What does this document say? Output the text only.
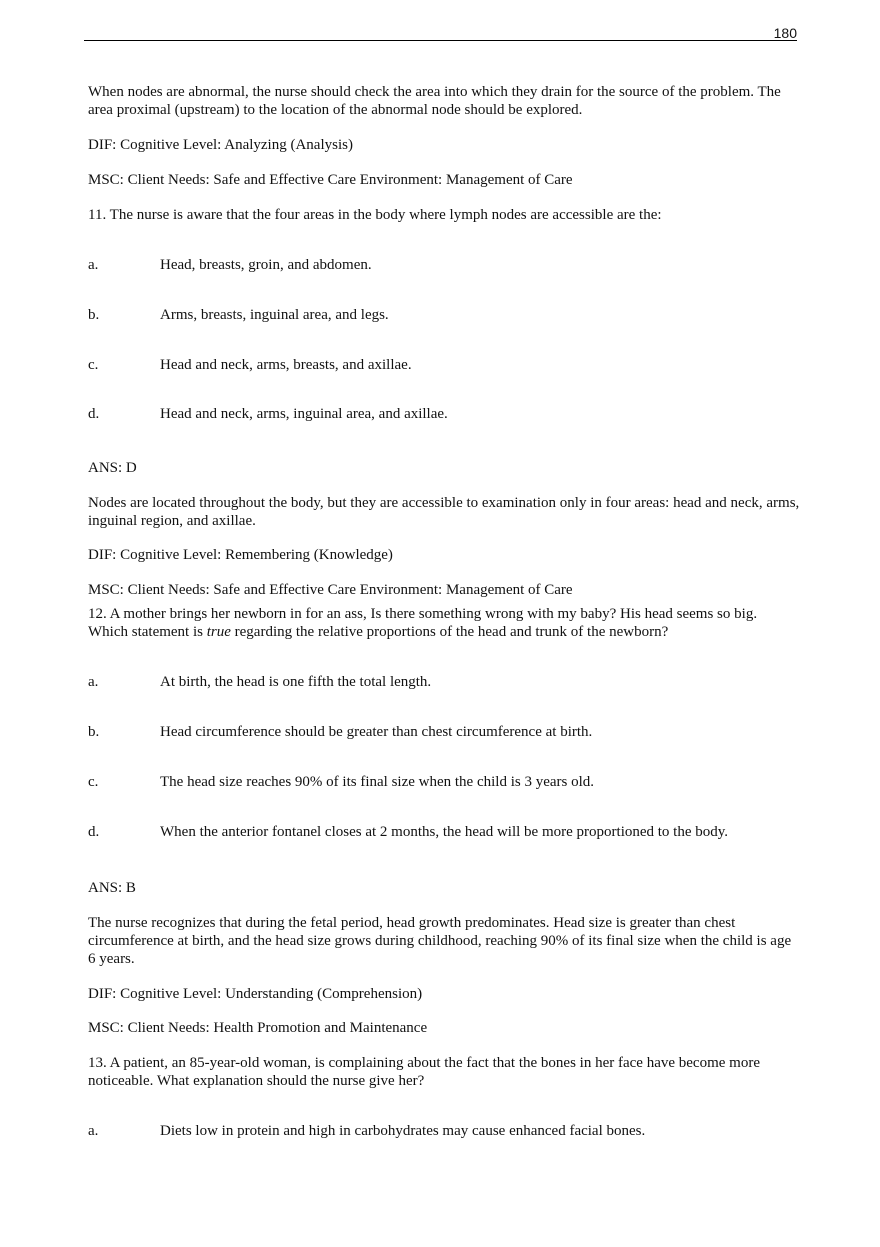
180

When nodes are abnormal, the nurse should check the area into which they drain for the source of the problem. The area proximal (upstream) to the location of the abnormal node should be explored.

DIF: Cognitive Level: Analyzing (Analysis)

MSC: Client Needs: Safe and Effective Care Environment: Management of Care

11. The nurse is aware that the four areas in the body where lymph nodes are accessible are the:

a.	Head, breasts, groin, and abdomen.
b.	Arms, breasts, inguinal area, and legs.
c.	Head and neck, arms, breasts, and axillae.
d.	Head and neck, arms, inguinal area, and axillae.

ANS: D

Nodes are located throughout the body, but they are accessible to examination only in four areas: head and neck, arms, inguinal region, and axillae.

DIF: Cognitive Level: Remembering (Knowledge)

MSC: Client Needs: Safe and Effective Care Environment: Management of Care

12. A mother brings her newborn in for an ass, Is there something wrong with my baby? His head seems so big. Which statement is true regarding the relative proportions of the head and trunk of the newborn?

a.	At birth, the head is one fifth the total length.
b.	Head circumference should be greater than chest circumference at birth.
c.	The head size reaches 90% of its final size when the child is 3 years old.
d.	When the anterior fontanel closes at 2 months, the head will be more proportioned to the body.

ANS: B

The nurse recognizes that during the fetal period, head growth predominates. Head size is greater than chest circumference at birth, and the head size grows during childhood, reaching 90% of its final size when the child is age 6 years.

DIF: Cognitive Level: Understanding (Comprehension)

MSC: Client Needs: Health Promotion and Maintenance

13. A patient, an 85-year-old woman, is complaining about the fact that the bones in her face have become more noticeable. What explanation should the nurse give her?

a.	Diets low in protein and high in carbohydrates may cause enhanced facial bones.
